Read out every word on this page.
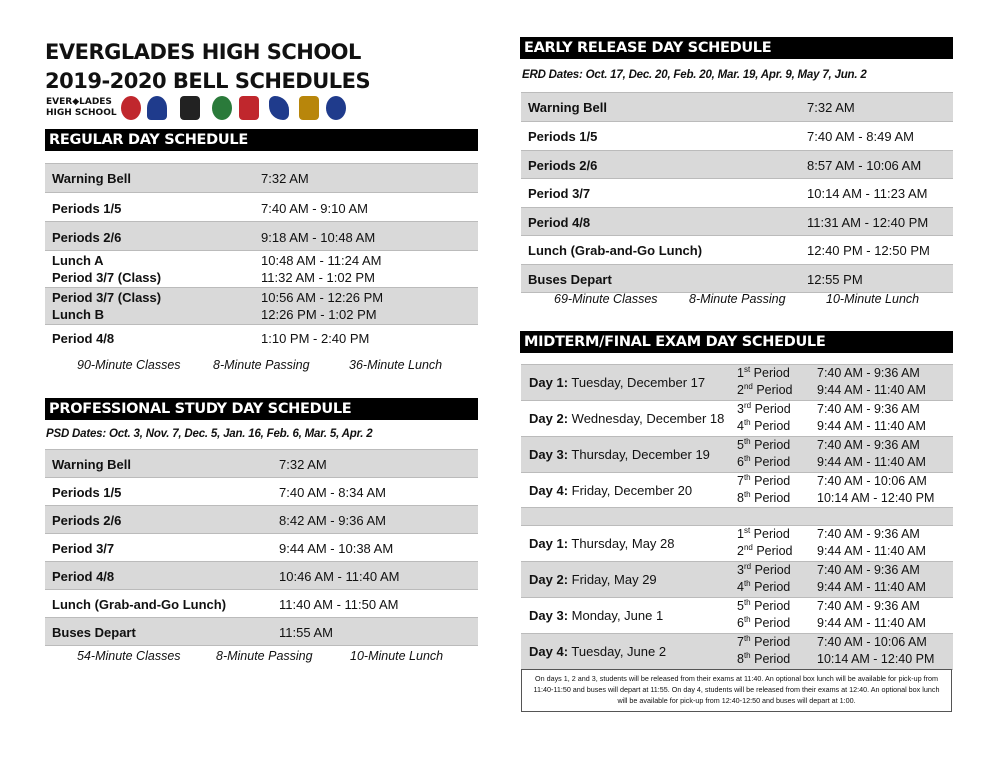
EVERGLADES HIGH SCHOOL
2019-2020 BELL SCHEDULES
EVER◆LADES
HIGH SCHOOL
REGULAR DAY SCHEDULE
Warning Bell	7:32 AM
Periods 1/5	7:40 AM - 9:10 AM
Periods 2/6	9:18 AM - 10:48 AM
Lunch A	10:48 AM - 11:24 AM
Period 3/7 (Class)	11:32 AM - 1:02 PM
Period 3/7 (Class)	10:56 AM - 12:26 PM
Lunch B	12:26 PM - 1:02 PM
Period 4/8	1:10 PM - 2:40 PM
90-Minute Classes	8-Minute Passing	36-Minute Lunch
PROFESSIONAL STUDY DAY SCHEDULE
PSD Dates: Oct. 3, Nov. 7, Dec. 5, Jan. 16, Feb. 6, Mar. 5, Apr. 2
Warning Bell	7:32 AM
Periods 1/5	7:40 AM - 8:34 AM
Periods 2/6	8:42 AM - 9:36 AM
Period 3/7	9:44 AM - 10:38 AM
Period 4/8	10:46 AM - 11:40 AM
Lunch (Grab-and-Go Lunch)	11:40 AM - 11:50 AM
Buses Depart	11:55 AM
54-Minute Classes	8-Minute Passing	10-Minute Lunch
EARLY RELEASE DAY SCHEDULE
ERD Dates: Oct. 17, Dec. 20, Feb. 20, Mar. 19, Apr. 9, May 7, Jun. 2
Warning Bell	7:32 AM
Periods 1/5	7:40 AM - 8:49 AM
Periods 2/6	8:57 AM - 10:06 AM
Period 3/7	10:14 AM - 11:23 AM
Period 4/8	11:31 AM - 12:40 PM
Lunch (Grab-and-Go Lunch)	12:40 PM - 12:50 PM
Buses Depart	12:55 PM
69-Minute Classes	8-Minute Passing	10-Minute Lunch
MIDTERM/FINAL EXAM DAY SCHEDULE
Day 1: Tuesday, December 17
1st Period 7:40 AM - 9:36 AM
2nd Period 9:44 AM - 11:40 AM
Day 2: Wednesday, December 18
3rd Period 7:40 AM - 9:36 AM
4th Period 9:44 AM - 11:40 AM
Day 3: Thursday, December 19
5th Period 7:40 AM - 9:36 AM
6th Period 9:44 AM - 11:40 AM
Day 4: Friday, December 20
7th Period 7:40 AM - 10:06 AM
8th Period 10:14 AM - 12:40 PM
Day 1: Thursday, May 28
1st Period 7:40 AM - 9:36 AM
2nd Period 9:44 AM - 11:40 AM
Day 2: Friday, May 29
3rd Period 7:40 AM - 9:36 AM
4th Period 9:44 AM - 11:40 AM
Day 3: Monday, June 1
5th Period 7:40 AM - 9:36 AM
6th Period 9:44 AM - 11:40 AM
Day 4: Tuesday, June 2
7th Period 7:40 AM - 10:06 AM
8th Period 10:14 AM - 12:40 PM
On days 1, 2 and 3, students will be released from their exams at 11:40. An optional box lunch will be available for pick-up from 11:40-11:50 and buses will depart at 11:55. On day 4, students will be released from their exams at 12:40. An optional box lunch will be available for pick-up from 12:40-12:50 and buses will depart at 1:00.
